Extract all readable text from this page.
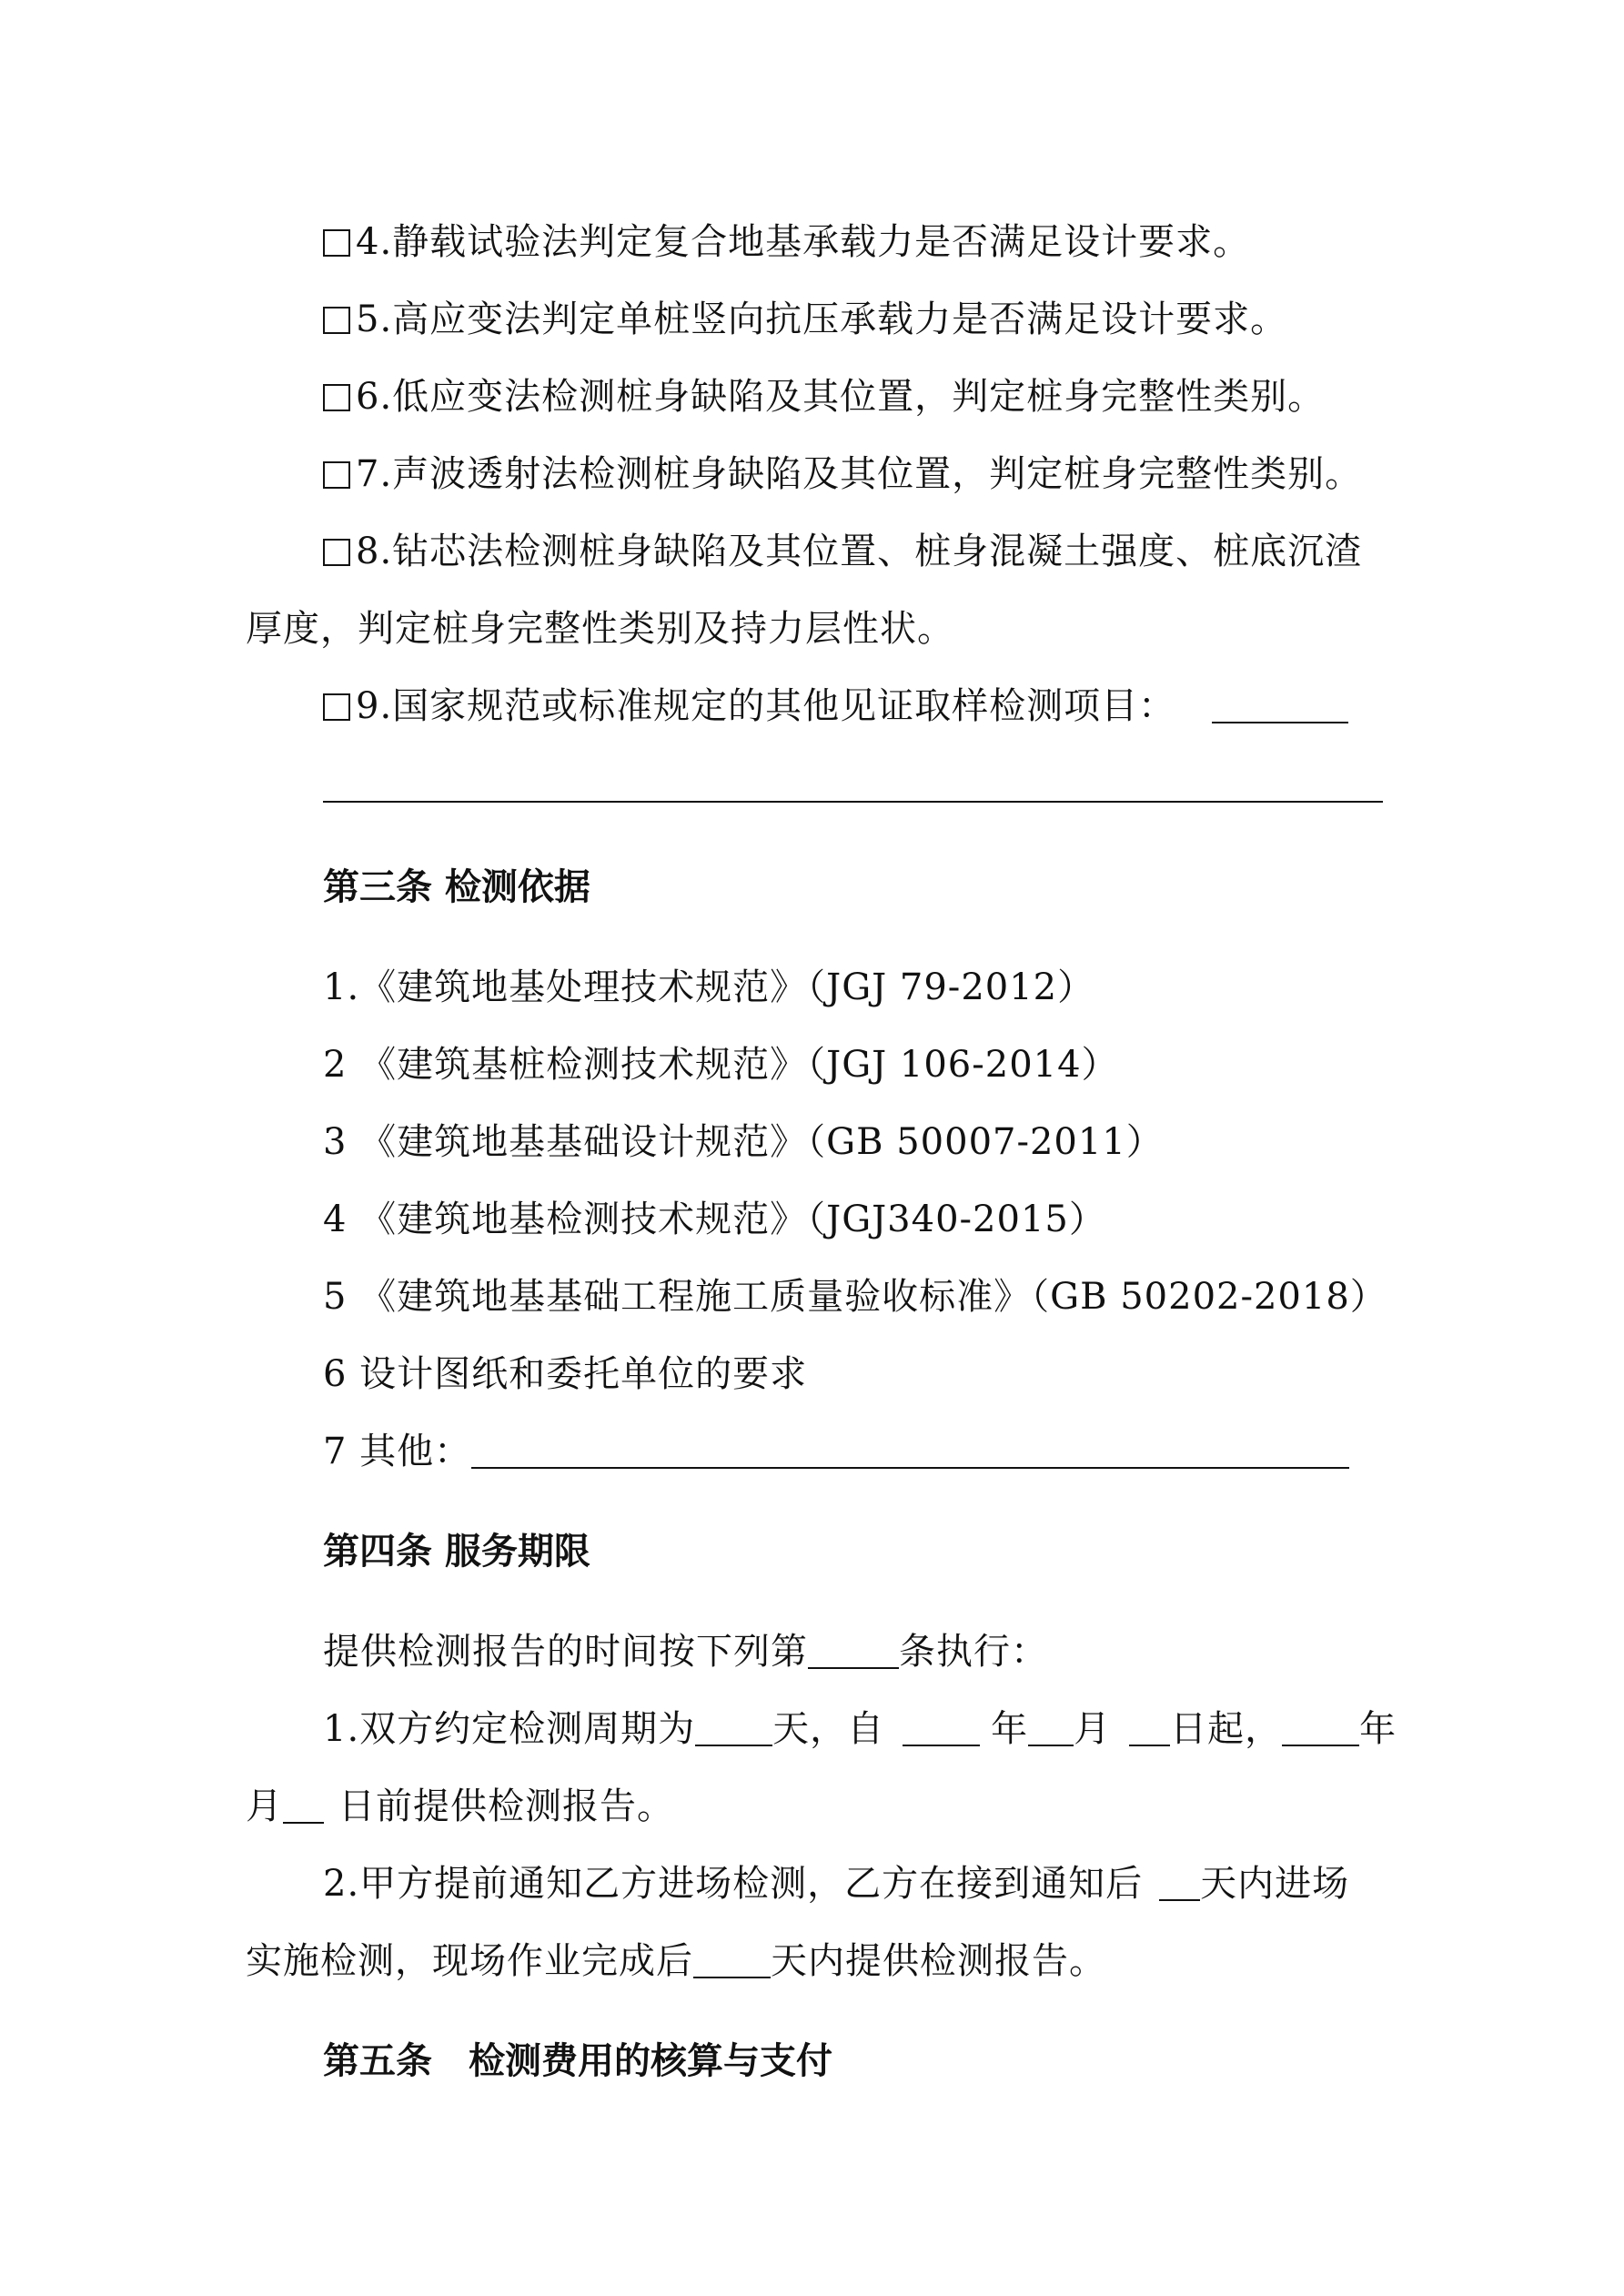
4.静载试验法判定复合地基承载力是否满足设计要求。
5.高应变法判定单桩竖向抗压承载力是否满足设计要求。
6.低应变法检测桩身缺陷及其位置，判定桩身完整性类别。
7.声波透射法检测桩身缺陷及其位置，判定桩身完整性类别。
8.钻芯法检测桩身缺陷及其位置、桩身混凝土强度、桩底沉渣
厚度，判定桩身完整性类别及持力层性状。
9.国家规范或标准规定的其他见证取样检测项目：
第三条 检测依据
1.《建筑地基处理技术规范》（JGJ 79-2012）
2 《建筑基桩检测技术规范》（JGJ 106-2014）
3 《建筑地基基础设计规范》（GB 50007-2011）
4 《建筑地基检测技术规范》（JGJ340-2015）
5 《建筑地基基础工程施工质量验收标准》（GB 50202-2018）
6 设计图纸和委托单位的要求
7 其他：
第四条 服务期限
提供检测报告的时间按下列第	条执行：
1.双方约定检测周期为 天，自	年 月 日起， 年
月 日前提供检测报告。
2.甲方提前通知乙方进场检测，乙方在接到通知后 天内进场
实施检测，现场作业完成后 天内提供检测报告。
第五条　检测费用的核算与支付
